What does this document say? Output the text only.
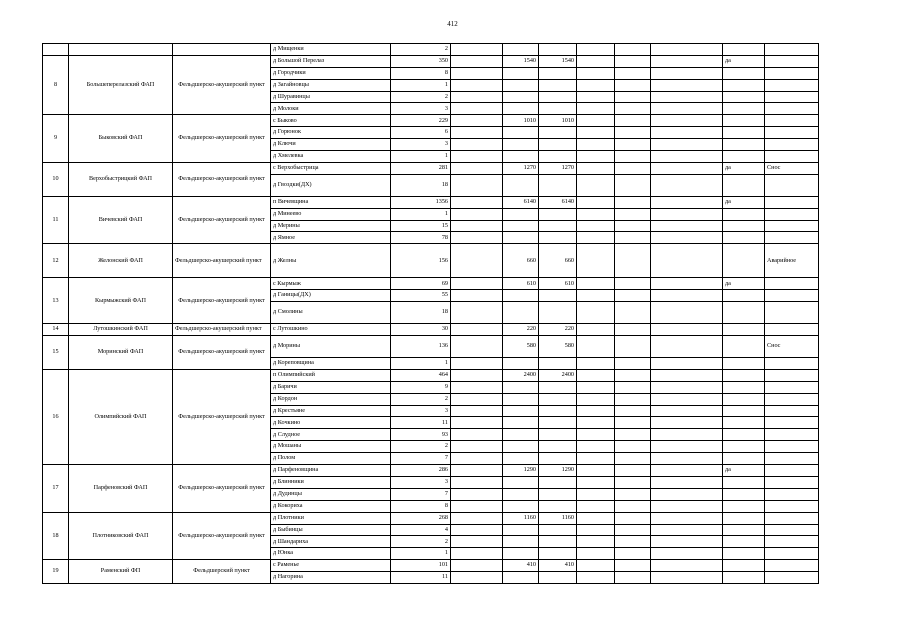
412
			д Мищенки	2								
8	Большеперелазский ФАП	Фельдшерско-акушерский пункт	д Большой Перелаз	350		1540	1540				да	
			д Городчики	8								
			д Загайновцы	1								
			д Шуравинцы	2								
			д Молоки	3								
9	Быковский ФАП	Фельдшерско-акушерский пункт	с Быково	229		1010	1010					
			д Горюнок	6								
			д Ключи	3								
			д Хмелевка	1								
10	Верхобыстрицкий ФАП	Фельдшерско-акушерский пункт	с Верхобыстрица	281		1270	1270				да	Снос
			д Гвоздки(ДХ)	18								
11	Вичевский ФАП	Фельдшерско-акушерский пункт	п Вичевщина	1356		6140	6140				да	
			д Минеево	1								
			д Мерины	15								
			д Ямное	78								
12	Желонский ФАП	Фельдшерско-акушерский пункт	д Желны	156		660	660					Аварийное
13	Кырмыжский ФАП	Фельдшерско-акушерский пункт	с Кырмыж	69		610	610				да	
			д Ганицы(ДХ)	55								
			д Смолины	18								
14	Лутошкинский ФАП	Фельдшерско-акушерский пункт	с Лутошкино	30		220	220					
15	Моринский ФАП	Фельдшерско-акушерский пункт	д Морины	136		580	580					Снос
			д Кореповщина	1								
16	Олимпийский ФАП	Фельдшерско-акушерский пункт	п Олимпийский	464		2400	2400					
			д Баричи	9								
			д Кордон	2								
			д Крестьяне	3								
			д Кочкино	11								
			д Слудное	93								
			д Мошаны	2								
			д Полом	7								
17	Парфеновский ФАП	Фельдшерско-акушерский пункт	д Парфеновщина	286		1290	1290				да	
			д Блинники	3								
			д Дудинцы	7								
			д Кокориха	8								
18	Плотниковский ФАП	Фельдшерско-акушерский пункт	д Плотники	268		1160	1160					
			д Быбинцы	4								
			д Шандариха	2								
			д Юнка	1								
19	Раменский ФП	Фельдшерский пункт	с Раменье	101		410	410					
			д Нагорина	11								
